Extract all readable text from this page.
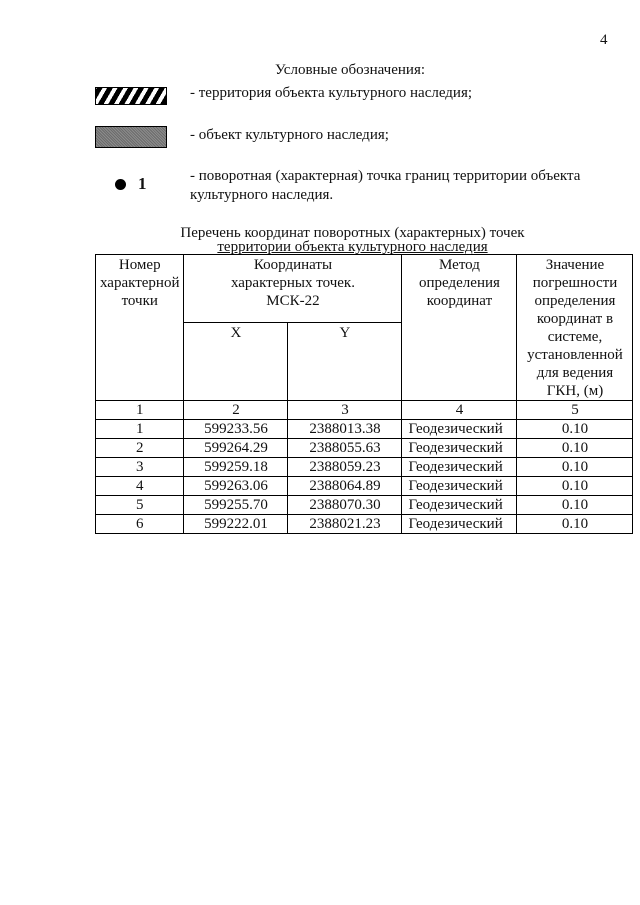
4
Условные обозначения:
- территория объекта культурного наследия;
- объект культурного наследия;
1	- поворотная (характерная) точка границ территории объекта культурного наследия.
Перечень координат поворотных (характерных) точек
территории объекта культурного наследия
Номер характерной точки	Координаты характерных точек. МСК-22		Метод определения координат	Значение погрешности определения координат в системе, установленной для ведения ГКН, (м)
	X	Y		
1	2	3	4	5
1	599233.56	2388013.38	Геодезический	0.10
2	599264.29	2388055.63	Геодезический	0.10
3	599259.18	2388059.23	Геодезический	0.10
4	599263.06	2388064.89	Геодезический	0.10
5	599255.70	2388070.30	Геодезический	0.10
6	599222.01	2388021.23	Геодезический	0.10
